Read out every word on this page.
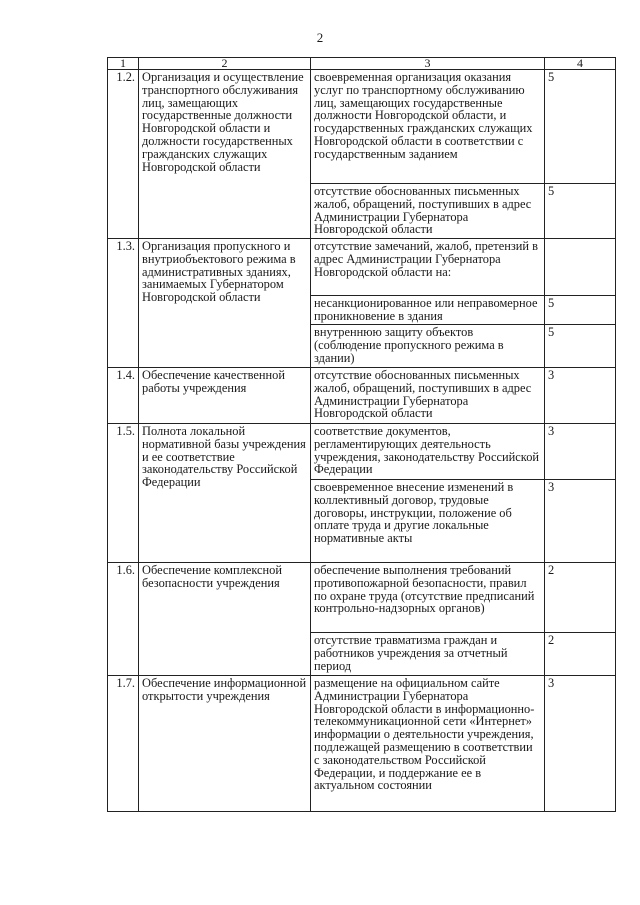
2
1	2	3	4
1.2.	Организация и осуществление транспортного обслуживания лиц, замещающих государственные должности Новгородской области и должности государственных гражданских служащих Новгородской области	своевременная организация оказания услуг по транспортному обслуживанию лиц, замещающих государственные должности Новгородской области, и государственных гражданских служащих Новгородской области в соответствии с государственным заданием	5
		отсутствие обоснованных письменных жалоб, обращений, поступивших в адрес Администрации Губернатора Новгородской области	5
1.3.	Организация пропускного и внутриобъектового режима в административных зданиях, занимаемых Губернатором Новгородской области	отсутствие замечаний, жалоб, претензий в адрес Администрации Губернатора Новгородской области на:	
		несанкционированное или неправомерное проникновение в здания	5
		внутреннюю защиту объектов (соблюдение пропускного режима в здании)	5
1.4.	Обеспечение качественной работы учреждения	отсутствие обоснованных письменных жалоб, обращений, поступивших в адрес Администрации Губернатора Новгородской области	3
1.5.	Полнота локальной нормативной базы учреждения и ее соответствие законодательству Российской Федерации	соответствие документов, регламентирующих деятельность учреждения, законодательству Российской Федерации	3
		своевременное внесение изменений в коллективный договор, трудовые договоры, инструкции, положение об оплате труда и другие локальные нормативные акты	3
1.6.	Обеспечение комплексной безопасности учреждения	обеспечение выполнения требований противопожарной безопасности, правил по охране труда (отсутствие предписаний контрольно-надзорных органов)	2
		отсутствие травматизма граждан и работников учреждения за отчетный период	2
1.7.	Обеспечение информационной открытости учреждения	размещение на официальном сайте Администрации Губернатора Новгородской области в информационно-телекоммуникационной сети «Интернет» информации о деятельности учреждения, подлежащей размещению в соответствии с законодательством Российской Федерации, и поддержание ее в актуальном состоянии	3
